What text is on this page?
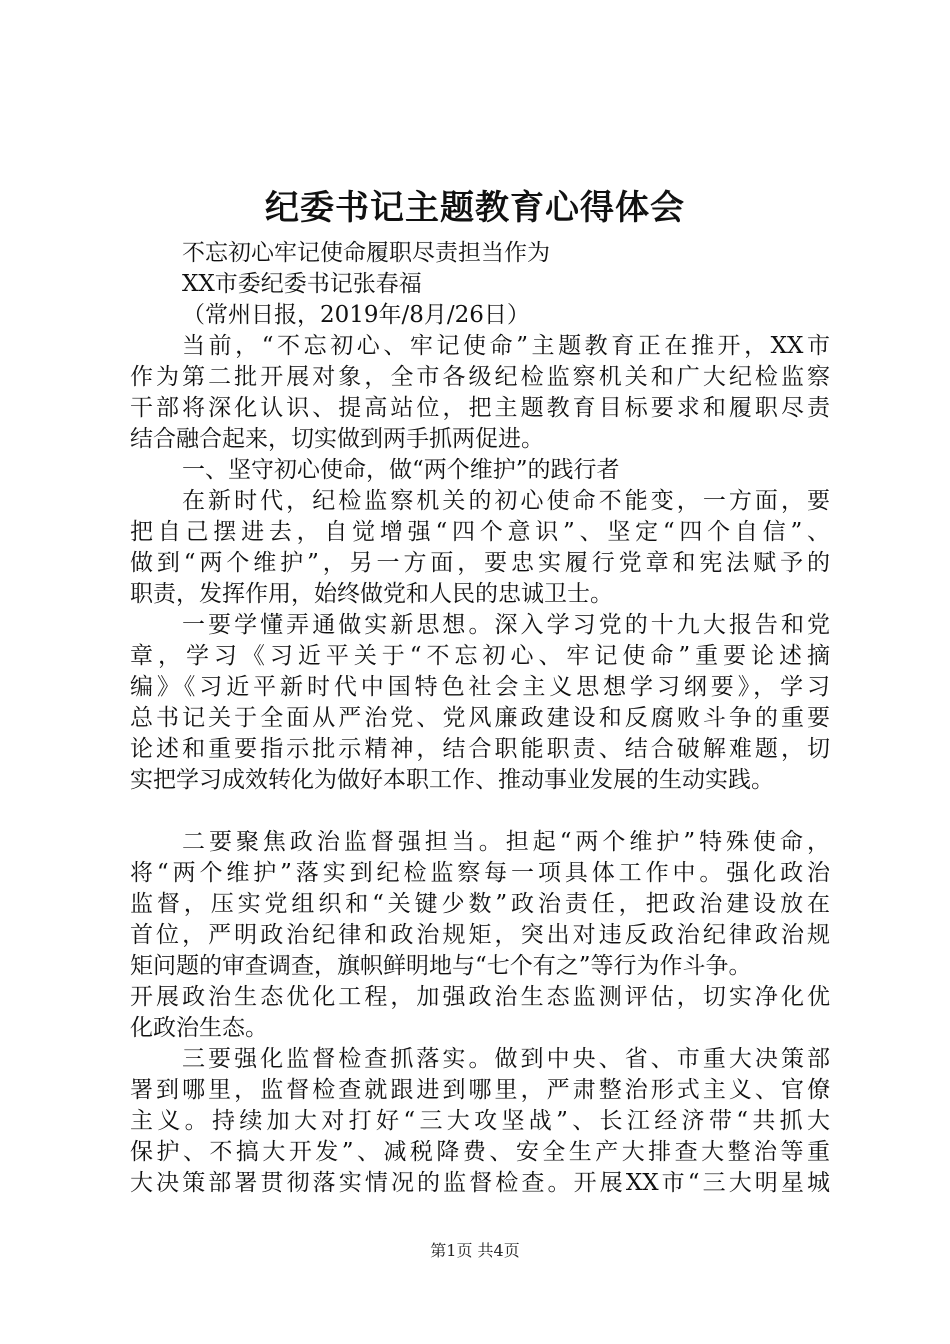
纪委书记主题教育心得体会
不忘初心牢记使命履职尽责担当作为
XX市委纪委书记张春福
（常州日报，2019年/8月/26日）
当前，“不忘初心、牢记使命”主题教育正在推开，XX市
作为第二批开展对象，全市各级纪检监察机关和广大纪检监察
干部将深化认识、提高站位，把主题教育目标要求和履职尽责
结合融合起来，切实做到两手抓两促进。
一、坚守初心使命，做“两个维护”的践行者
在新时代，纪检监察机关的初心使命不能变，一方面，要
把自己摆进去，自觉增强“四个意识”、坚定“四个自信”、
做到“两个维护”，另一方面，要忠实履行党章和宪法赋予的
职责，发挥作用，始终做党和人民的忠诚卫士。
一要学懂弄通做实新思想。深入学习党的十九大报告和党
章，学习《习近平关于“不忘初心、牢记使命”重要论述摘
编》《习近平新时代中国特色社会主义思想学习纲要》，学习
总书记关于全面从严治党、党风廉政建设和反腐败斗争的重要
论述和重要指示批示精神，结合职能职责、结合破解难题，切
实把学习成效转化为做好本职工作、推动事业发展的生动实践。
二要聚焦政治监督强担当。担起“两个维护”特殊使命，
将“两个维护”落实到纪检监察每一项具体工作中。强化政治
监督，压实党组织和“关键少数”政治责任，把政治建设放在
首位，严明政治纪律和政治规矩，突出对违反政治纪律政治规
矩问题的审查调查，旗帜鲜明地与“七个有之”等行为作斗争。
开展政治生态优化工程，加强政治生态监测评估，切实净化优
化政治生态。
三要强化监督检查抓落实。做到中央、省、市重大决策部
署到哪里，监督检查就跟进到哪里，严肃整治形式主义、官僚
主义。持续加大对打好“三大攻坚战”、长江经济带“共抓大
保护、不搞大开发”、减税降费、安全生产大排查大整治等重
大决策部署贯彻落实情况的监督检查。开展XX市“三大明星城
第1页 共4页
